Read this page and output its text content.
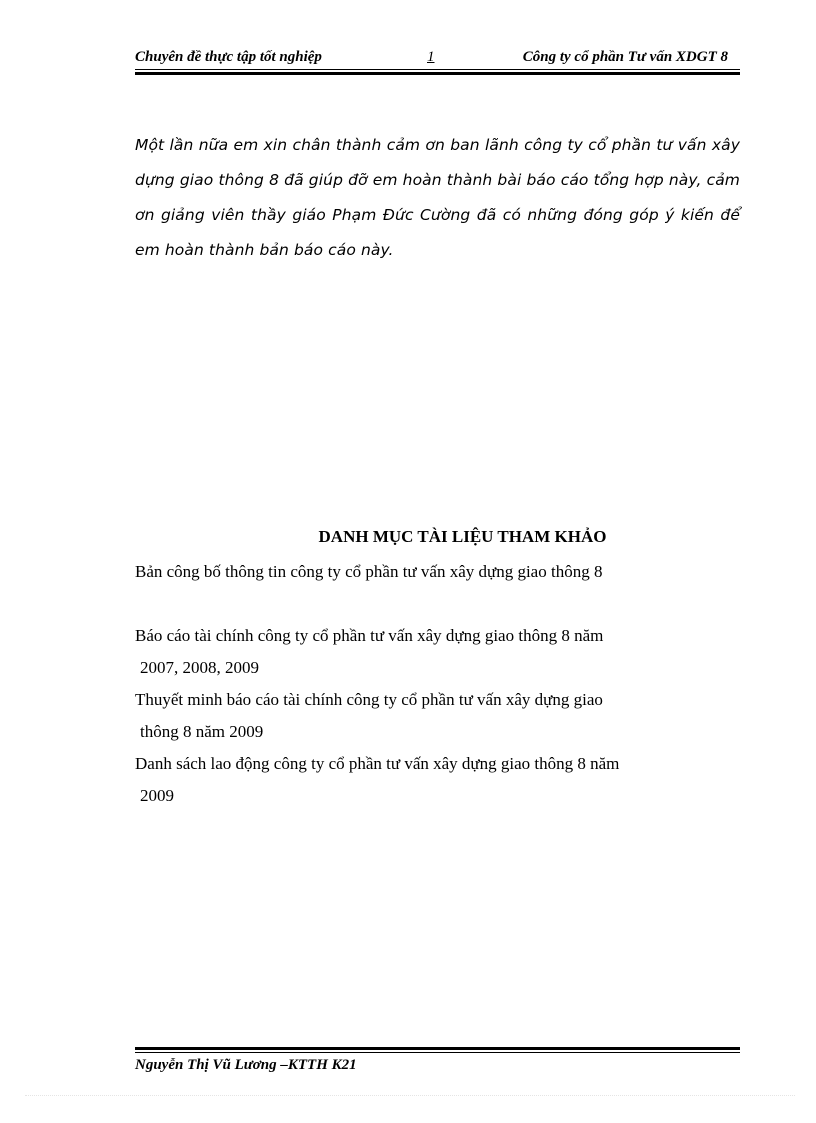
Chuyên đề thực tập tốt nghiệp	1	Công ty cổ phần Tư vấn XDGT 8
Một lần nữa em xin chân thành cảm ơn ban lãnh công ty cổ phần tư vấn xây dựng giao thông 8 đã giúp đỡ em hoàn thành bài báo cáo tổng hợp này, cảm ơn giảng viên thầy giáo Phạm Đức Cường đã có những đóng góp ý kiến để em hoàn thành bản báo cáo này.
DANH MỤC TÀI LIỆU THAM KHẢO
Bản công bố thông tin công ty cổ phần tư vấn xây dựng giao thông 8
Báo cáo tài chính công ty cổ phần tư vấn xây dựng giao thông 8 năm
2007, 2008, 2009
Thuyết minh báo cáo tài chính công ty cổ phần tư vấn xây dựng giao
thông 8 năm 2009
Danh sách lao động công ty cổ phần tư vấn xây dựng giao thông 8 năm
2009
Nguyễn Thị Vũ Lương –KTTH K21
